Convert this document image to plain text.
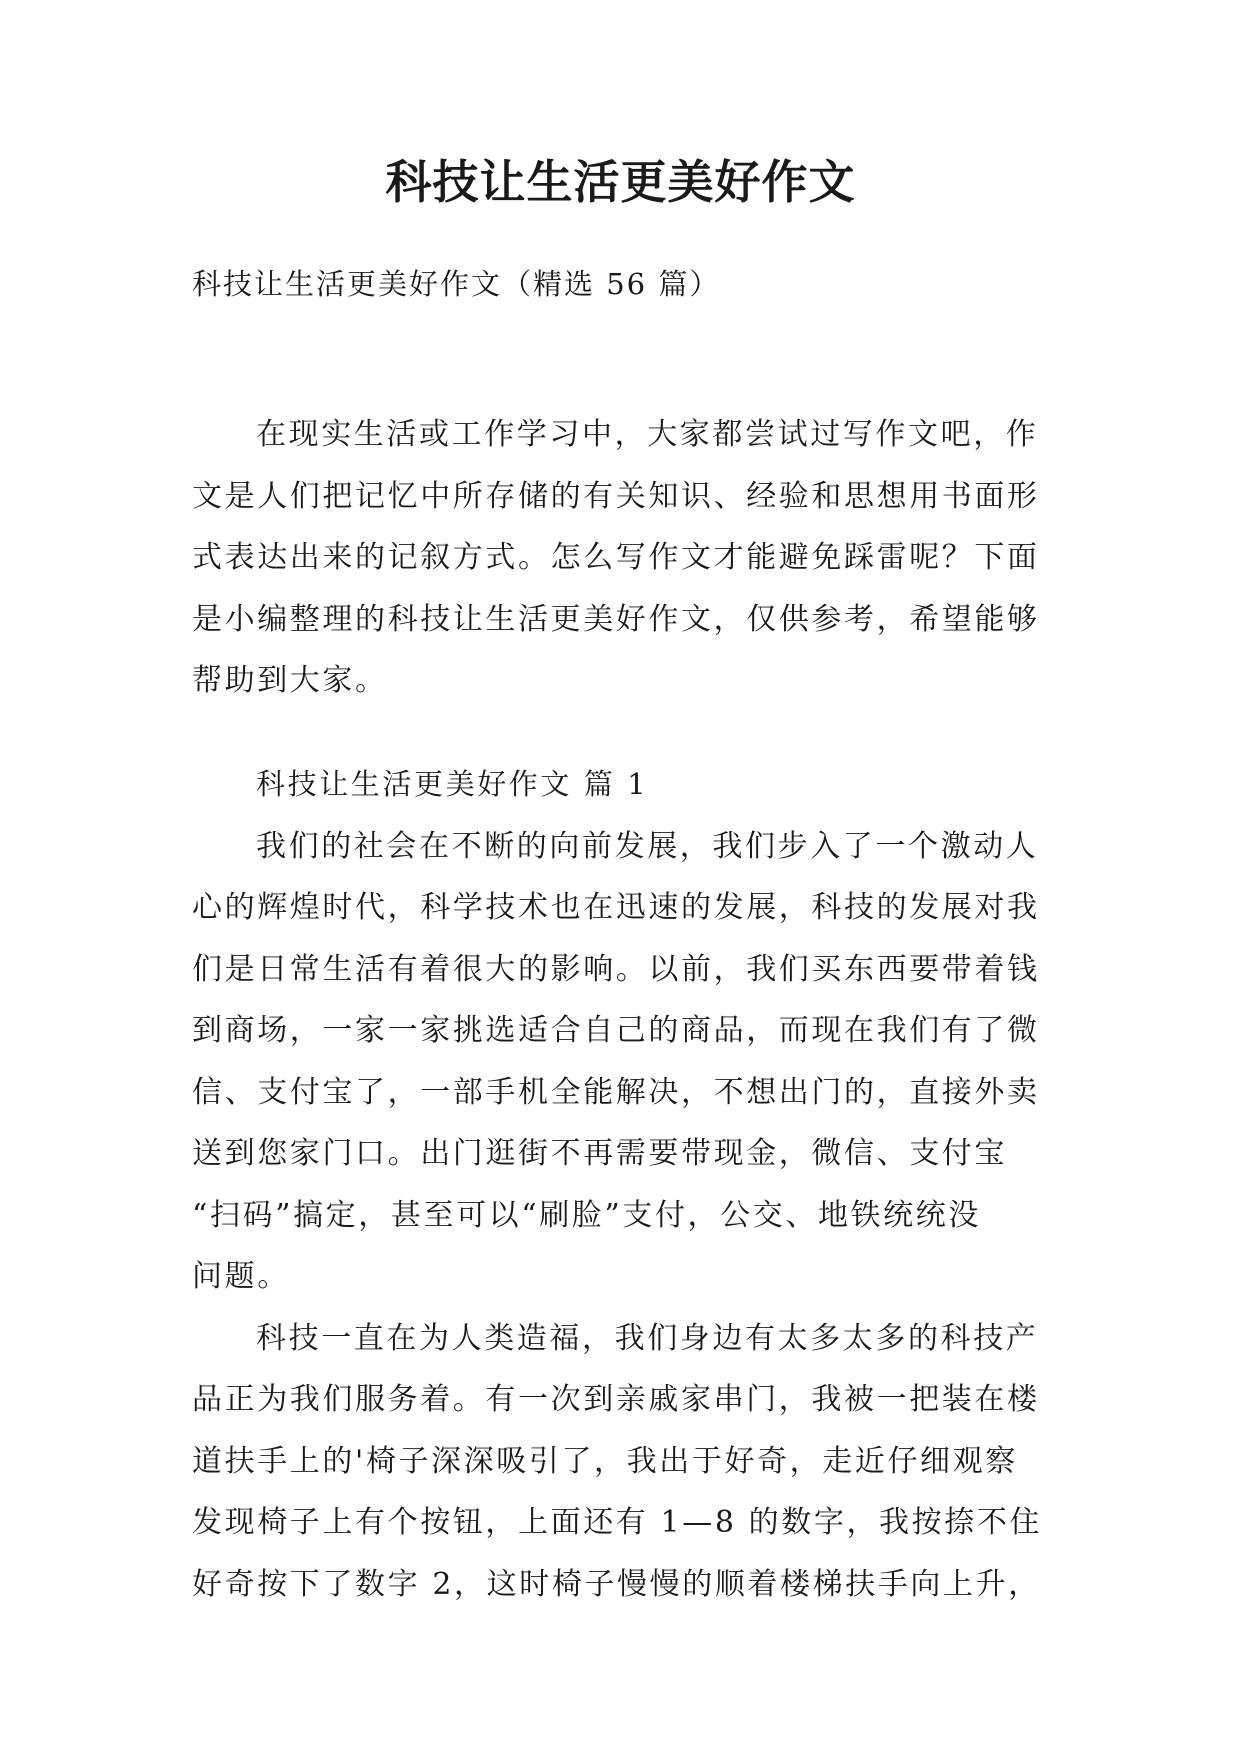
科技让生活更美好作文
科技让生活更美好作文（精选 56 篇）
在现实生活或工作学习中，大家都尝试过写作文吧，作
文是人们把记忆中所存储的有关知识、经验和思想用书面形
式表达出来的记叙方式。怎么写作文才能避免踩雷呢？下面
是小编整理的科技让生活更美好作文，仅供参考，希望能够
帮助到大家。
科技让生活更美好作文 篇 1
我们的社会在不断的向前发展，我们步入了一个激动人
心的辉煌时代，科学技术也在迅速的发展，科技的发展对我
们是日常生活有着很大的影响。以前，我们买东西要带着钱
到商场，一家一家挑选适合自己的商品，而现在我们有了微
信、支付宝了，一部手机全能解决，不想出门的，直接外卖
送到您家门口。出门逛街不再需要带现金，微信、支付宝
“扫码”搞定，甚至可以“刷脸”支付，公交、地铁统统没
问题。
科技一直在为人类造福，我们身边有太多太多的科技产
品正为我们服务着。有一次到亲戚家串门，我被一把装在楼
道扶手上的'椅子深深吸引了，我出于好奇，走近仔细观察
发现椅子上有个按钮，上面还有 1—8 的数字，我按捺不住
好奇按下了数字 2，这时椅子慢慢的顺着楼梯扶手向上升，
